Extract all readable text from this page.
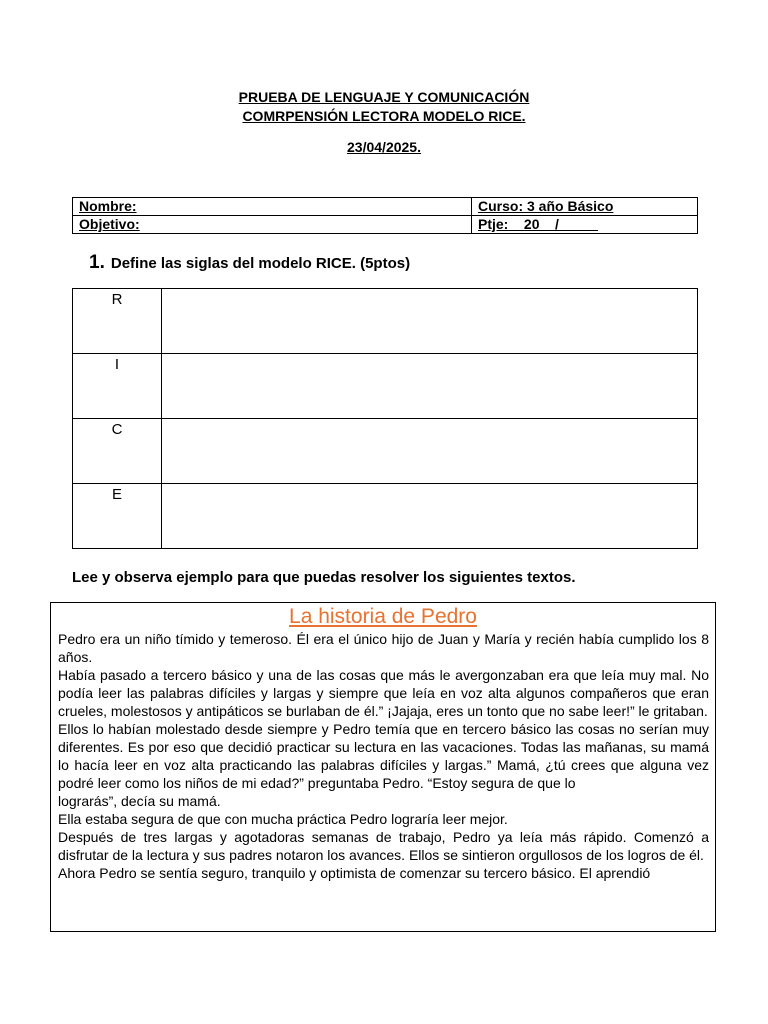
PRUEBA DE LENGUAJE Y COMUNICACIÓN
COMRPENSIÓN LECTORA MODELO RICE.
23/04/2025.
Nombre:	Curso: 3 año Básico
Objetivo:	Ptje:__20__/_____
1. Define las siglas del modelo RICE. (5ptos)
R	
I	
C	
E	
Lee y observa ejemplo para que puedas resolver los siguientes textos.
La historia de Pedro

Pedro era un niño tímido y temeroso. Él era el único hijo de Juan y María y recién había cumplido los 8 años.

Había pasado a tercero básico y una de las cosas que más le avergonzaban era que leía muy mal. No podía leer las palabras difíciles y largas y siempre que leía en voz alta algunos compañeros que eran crueles, molestosos y antipáticos se burlaban de él.” ¡Jajaja, eres un tonto que no sabe leer!” le gritaban.

Ellos lo habían molestado desde siempre y Pedro temía que en tercero básico las cosas no serían muy diferentes. Es por eso que decidió practicar su lectura en las vacaciones. Todas las mañanas, su mamá lo hacía leer en voz alta practicando las palabras difíciles y largas.” Mamá, ¿tú crees que alguna vez podré leer como los niños de mi edad?” preguntaba Pedro. “Estoy segura de que lo

lograrás”, decía su mamá.

Ella estaba segura de que con mucha práctica Pedro lograría leer mejor.

Después de tres largas y agotadoras semanas de trabajo, Pedro ya leía más rápido. Comenzó a disfrutar de la lectura y sus padres notaron los avances. Ellos se sintieron orgullosos de los logros de él.

Ahora Pedro se sentía seguro, tranquilo y optimista de comenzar su tercero básico. El aprendió
